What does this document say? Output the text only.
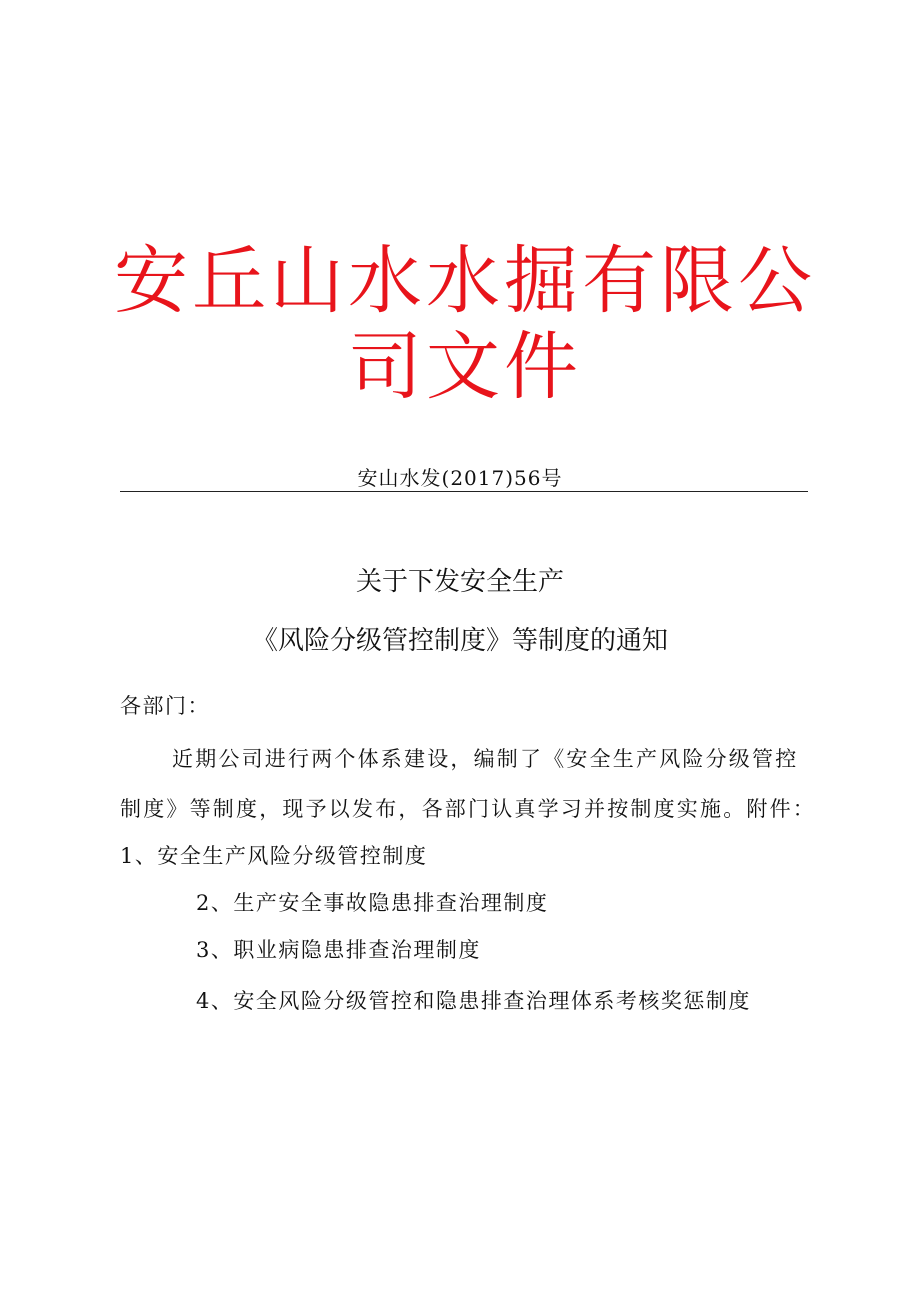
安丘山水水掘有限公司文件
安山水发(2017)56号
关于下发安全生产
《风险分级管控制度》等制度的通知
各部门：
近期公司进行两个体系建设，编制了《安全生产风险分级管控
制度》等制度，现予以发布，各部门认真学习并按制度实施。附件：
1、安全生产风险分级管控制度
2、生产安全事故隐患排查治理制度
3、职业病隐患排查治理制度
4、安全风险分级管控和隐患排查治理体系考核奖惩制度
